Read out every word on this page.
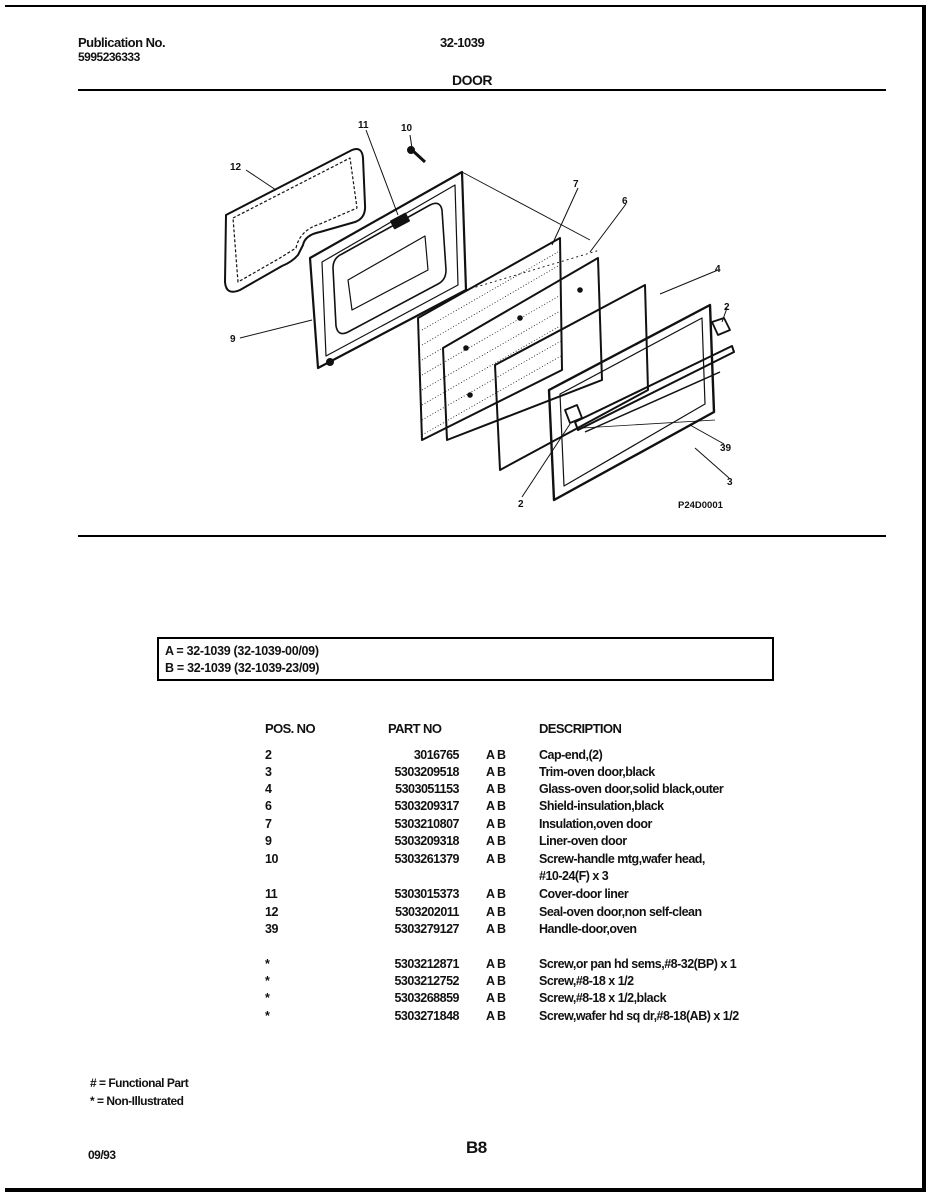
Publication No.
5995236333
32-1039
DOOR
12
11	10
7
6
4
2
9
39
3
2	P24D0001
A = 32-1039 (32-1039-00/09)
B = 32-1039 (32-1039-23/09)
POS. NO	PART NO	DESCRIPTION
2	3016765 A B	Cap-end,(2)
3	5303209518 A B	Trim-oven door,black
4	5303051153 A B	Glass-oven door,solid black,outer
6	5303209317 A B	Shield-insulation,black
7	5303210807 A B	Insulation,oven door
9	5303209318 A B	Liner-oven door
10	5303261379 A B	Screw-handle mtg,wafer head,
#10-24(F) x 3
11	5303015373 A B	Cover-door liner
12	5303202011 A B	Seal-oven door,non self-clean
39	5303279127 A B	Handle-door,oven
*	5303212871 A B	Screw,or pan hd sems,#8-32(BP) x 1
*	5303212752 A B	Screw,#8-18 x 1/2
*	5303268859 A B	Screw,#8-18 x 1/2,black
*	5303271848 A B	Screw,wafer hd sq dr,#8-18(AB) x 1/2
# = Functional Part
* = Non-Illustrated
09/93	B8
